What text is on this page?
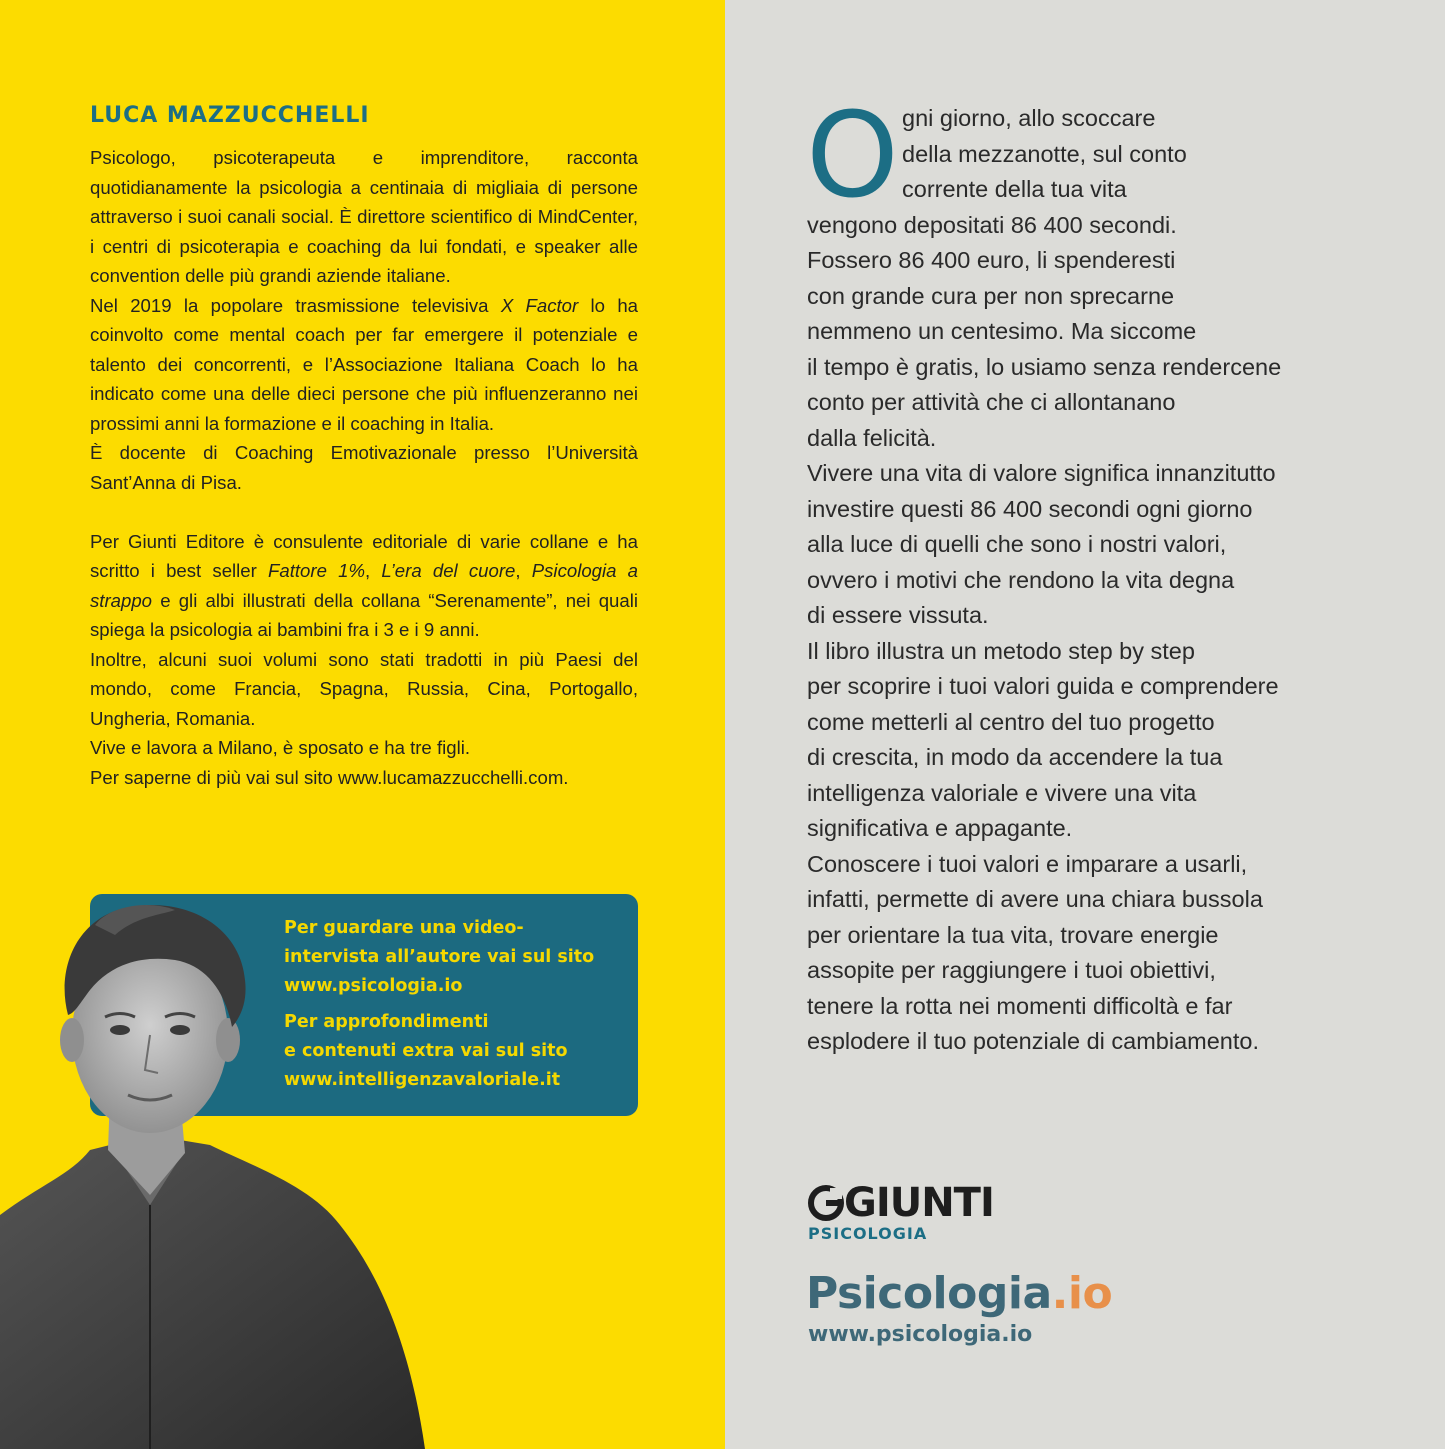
LUCA MAZZUCCHELLI

Psicologo, psicoterapeuta e imprenditore, racconta quotidianamente la psicologia a centinaia di migliaia di persone attraverso i suoi canali social. È direttore scientifico di MindCenter, i centri di psicoterapia e coaching da lui fondati, e speaker alle convention delle più grandi aziende italiane.

Nel 2019 la popolare trasmissione televisiva X Factor lo ha coinvolto come mental coach per far emergere il potenziale e talento dei concorrenti, e l’Associazione Italiana Coach lo ha indicato come una delle dieci persone che più influenzeranno nei prossimi anni la formazione e il coaching in Italia.

È docente di Coaching Emotivazionale presso l’Università Sant’Anna di Pisa.

Per Giunti Editore è consulente editoriale di varie collane e ha scritto i best seller Fattore 1%, L’era del cuore, Psicologia a strappo e gli albi illustrati della collana “Serenamente”, nei quali spiega la psicologia ai bambini fra i 3 e i 9 anni.

Inoltre, alcuni suoi volumi sono stati tradotti in più Paesi del mondo, come Francia, Spagna, Russia, Cina, Portogallo, Ungheria, Romania.

Vive e lavora a Milano, è sposato e ha tre figli.

Per saperne di più vai sul sito www.lucamazzucchelli.com.

Per guardare una video-
intervista all’autore vai sul sito
www.psicologia.io
Per approfondimenti
e contenuti extra vai sul sito
www.intelligenzavaloriale.it
O gni giorno, allo scoccare
della mezzanotte, sul conto
corrente della tua vita
vengono depositati 86 400 secondi.
Fossero 86 400 euro, li spenderesti
con grande cura per non sprecarne
nemmeno un centesimo. Ma siccome
il tempo è gratis, lo usiamo senza rendercene
conto per attività che ci allontanano
dalla felicità.
Vivere una vita di valore significa innanzitutto
investire questi 86 400 secondi ogni giorno
alla luce di quelli che sono i nostri valori,
ovvero i motivi che rendono la vita degna
di essere vissuta.
Il libro illustra un metodo step by step
per scoprire i tuoi valori guida e comprendere
come metterli al centro del tuo progetto
di crescita, in modo da accendere la tua
intelligenza valoriale e vivere una vita
significativa e appagante.
Conoscere i tuoi valori e imparare a usarli,
infatti, permette di avere una chiara bussola
per orientare la tua vita, trovare energie
assopite per raggiungere i tuoi obiettivi,
tenere la rotta nei momenti difficoltà e far
esplodere il tuo potenziale di cambiamento.
GIUNTI
PSICOLOGIA
Psicologia.io
www.psicologia.io
